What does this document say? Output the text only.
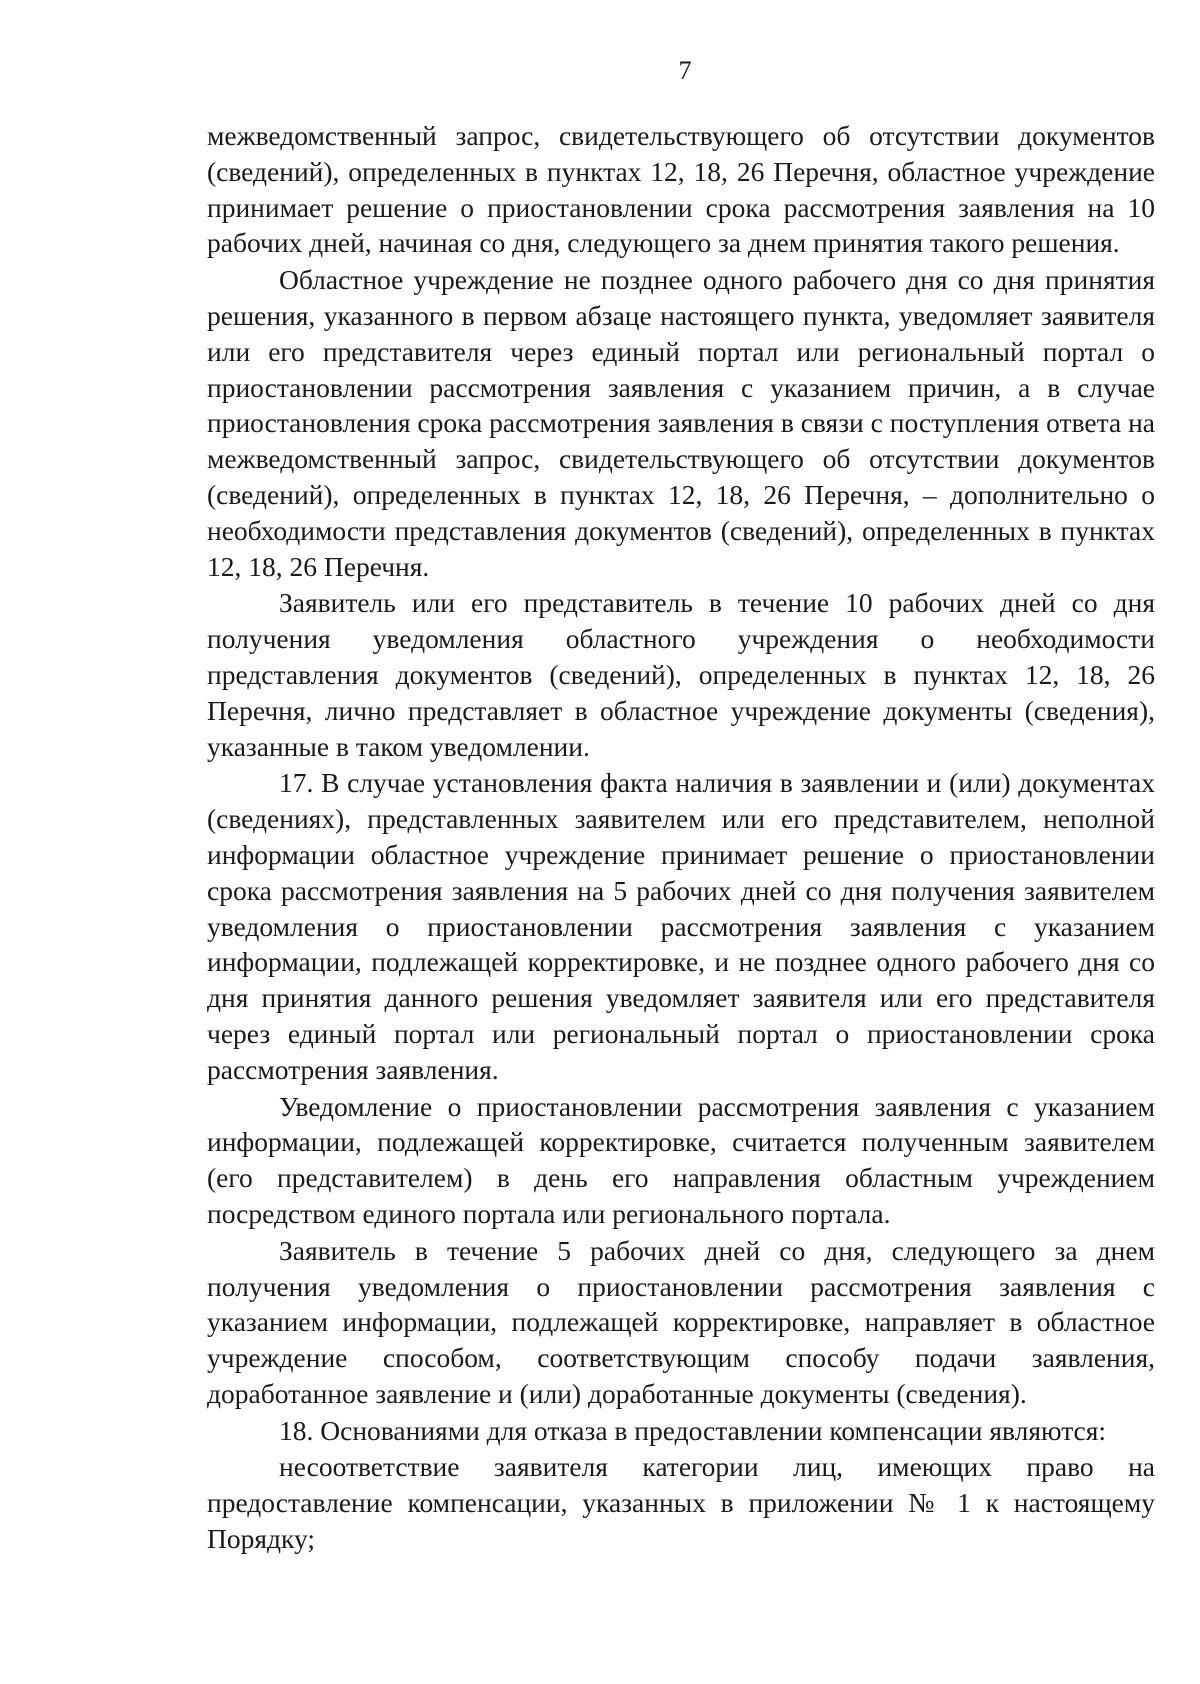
7

межведомственный запрос, свидетельствующего об отсутствии документов (сведений), определенных в пунктах 12, 18, 26 Перечня, областное учреждение принимает решение о приостановлении срока рассмотрения заявления на 10 рабочих дней, начиная со дня, следующего за днем принятия такого решения.

Областное учреждение не позднее одного рабочего дня со дня принятия решения, указанного в первом абзаце настоящего пункта, уведомляет заявителя или его представителя через единый портал или региональный портал о приостановлении рассмотрения заявления с указанием причин, а в случае приостановления срока рассмотрения заявления в связи с поступления ответа на межведомственный запрос, свидетельствующего об отсутствии документов (сведений), определенных в пунктах 12, 18, 26 Перечня, – дополнительно о необходимости представления документов (сведений), определенных в пунктах 12, 18, 26 Перечня.

Заявитель или его представитель в течение 10 рабочих дней со дня получения уведомления областного учреждения о необходимости представления документов (сведений), определенных в пунктах 12, 18, 26 Перечня, лично представляет в областное учреждение документы (сведения), указанные в таком уведомлении.

17. В случае установления факта наличия в заявлении и (или) документах (сведениях), представленных заявителем или его представителем, неполной информации областное учреждение принимает решение о приостановлении срока рассмотрения заявления на 5 рабочих дней со дня получения заявителем уведомления о приостановлении рассмотрения заявления с указанием информации, подлежащей корректировке, и не позднее одного рабочего дня со дня принятия данного решения уведомляет заявителя или его представителя через единый портал или региональный портал о приостановлении срока рассмотрения заявления.

Уведомление о приостановлении рассмотрения заявления с указанием информации, подлежащей корректировке, считается полученным заявителем (его представителем) в день его направления областным учреждением посредством единого портала или регионального портала.

Заявитель в течение 5 рабочих дней со дня, следующего за днем получения уведомления о приостановлении рассмотрения заявления с указанием информации, подлежащей корректировке, направляет в областное учреждение способом, соответствующим способу подачи заявления, доработанное заявление и (или) доработанные документы (сведения).

18. Основаниями для отказа в предоставлении компенсации являются:

несоответствие заявителя категории лиц, имеющих право на предоставление компенсации, указанных в приложении № 1 к настоящему Порядку;
